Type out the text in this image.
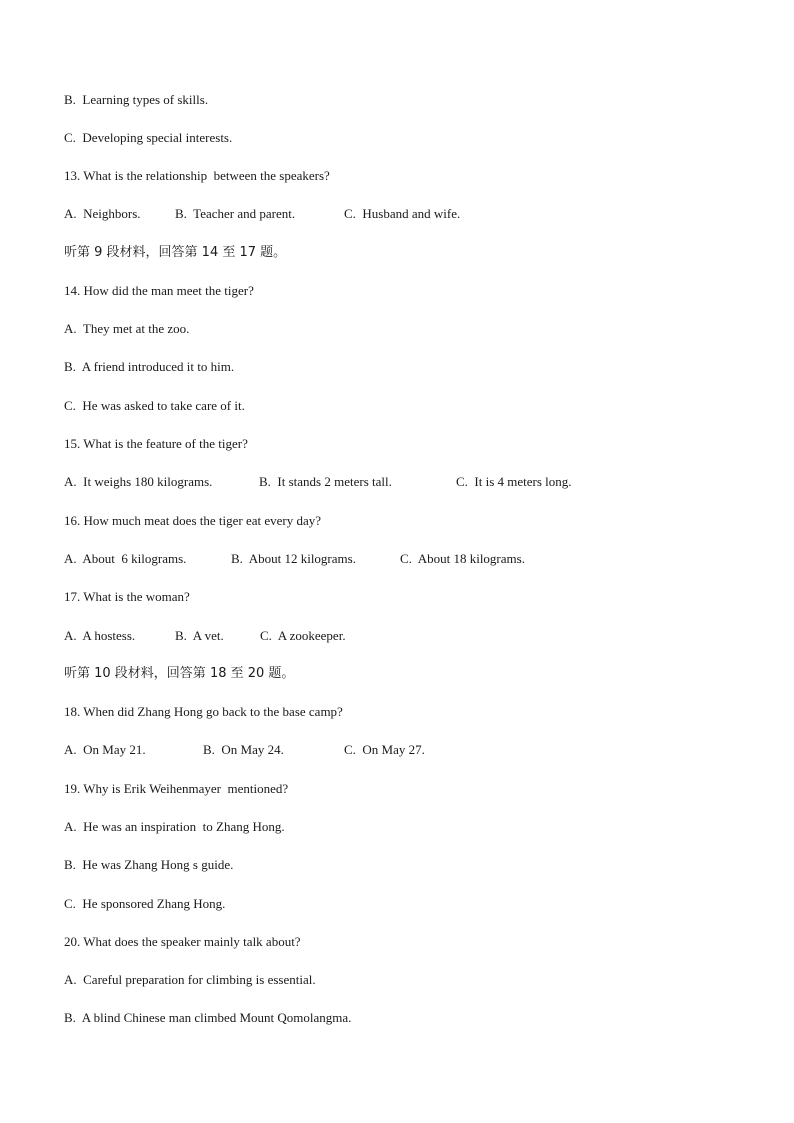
B.  Learning types of skills.
C.  Developing special interests.
13. What is the relationship  between the speakers?

A.  Neighbors.

	B.  Teacher and parent.

	C.  Husband and wife.

听第 9 段材料，回答第 14 至 17 题。
14. How did the man meet the tiger?
A.  They met at the zoo.
B.  A friend introduced it to him.
C.  He was asked to take care of it.
15. What is the feature of the tiger?

A.  It weighs 180 kilograms.

	B.  It stands 2 meters tall.

	C.  It is 4 meters long.

16. How much meat does the tiger eat every day?

A.  About  6 kilograms.

	B.  About 12 kilograms.

	C.  About 18 kilograms.

17. What is the woman?

A.  A hostess.

	B.  A vet.

	C.  A zookeeper.

听第 10 段材料，回答第 18 至 20 题。
18. When did Zhang Hong go back to the base camp?

A.  On May 21.

	B.  On May 24.

	C.  On May 27.

19. Why is Erik Weihenmayer  mentioned?
A.  He was an inspiration  to Zhang Hong.
B.  He was Zhang Hong s guide.
C.  He sponsored Zhang Hong.
20. What does the speaker mainly talk about?
A.  Careful preparation for climbing is essential.
B.  A blind Chinese man climbed Mount Qomolangma.
